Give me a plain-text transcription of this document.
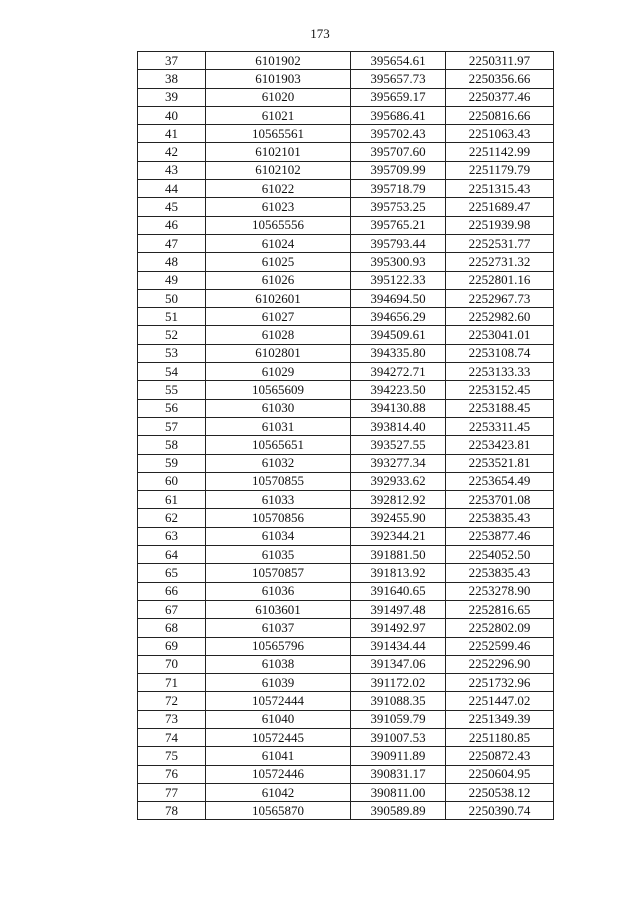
173
37	6101902	395654.61	2250311.97
38	6101903	395657.73	2250356.66
39	61020	395659.17	2250377.46
40	61021	395686.41	2250816.66
41	10565561	395702.43	2251063.43
42	6102101	395707.60	2251142.99
43	6102102	395709.99	2251179.79
44	61022	395718.79	2251315.43
45	61023	395753.25	2251689.47
46	10565556	395765.21	2251939.98
47	61024	395793.44	2252531.77
48	61025	395300.93	2252731.32
49	61026	395122.33	2252801.16
50	6102601	394694.50	2252967.73
51	61027	394656.29	2252982.60
52	61028	394509.61	2253041.01
53	6102801	394335.80	2253108.74
54	61029	394272.71	2253133.33
55	10565609	394223.50	2253152.45
56	61030	394130.88	2253188.45
57	61031	393814.40	2253311.45
58	10565651	393527.55	2253423.81
59	61032	393277.34	2253521.81
60	10570855	392933.62	2253654.49
61	61033	392812.92	2253701.08
62	10570856	392455.90	2253835.43
63	61034	392344.21	2253877.46
64	61035	391881.50	2254052.50
65	10570857	391813.92	2253835.43
66	61036	391640.65	2253278.90
67	6103601	391497.48	2252816.65
68	61037	391492.97	2252802.09
69	10565796	391434.44	2252599.46
70	61038	391347.06	2252296.90
71	61039	391172.02	2251732.96
72	10572444	391088.35	2251447.02
73	61040	391059.79	2251349.39
74	10572445	391007.53	2251180.85
75	61041	390911.89	2250872.43
76	10572446	390831.17	2250604.95
77	61042	390811.00	2250538.12
78	10565870	390589.89	2250390.74
